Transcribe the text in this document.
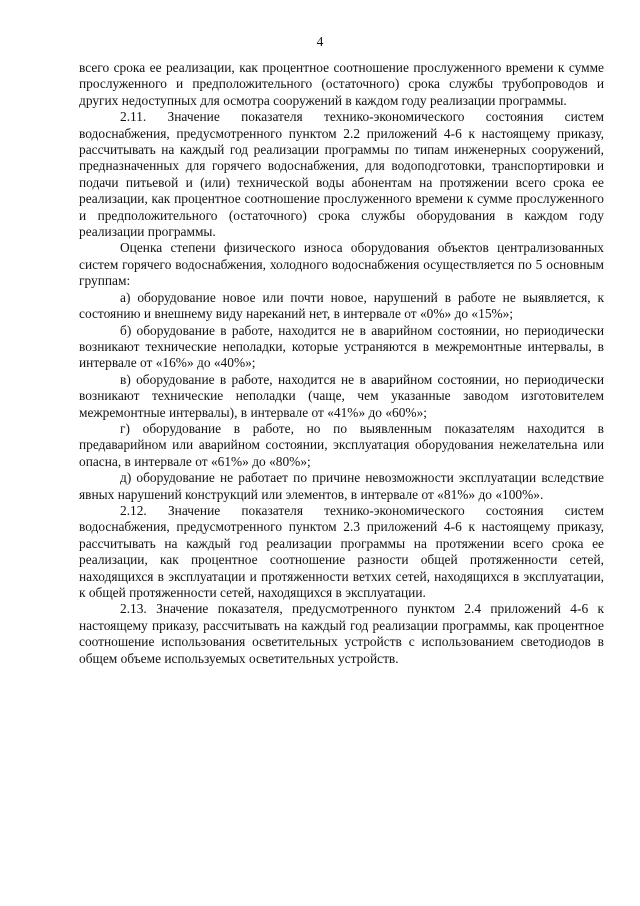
4

всего срока ее реализации, как процентное соотношение прослуженного времени к сумме прослуженного и предположительного (остаточного) срока службы трубопроводов и других недоступных для осмотра сооружений в каждом году реализации программы.

2.11. Значение показателя технико-экономического состояния систем водоснабжения, предусмотренного пунктом 2.2 приложений 4-6 к настоящему приказу, рассчитывать на каждый год реализации программы по типам инженерных сооружений, предназначенных для горячего водоснабжения, для водоподготовки, транспортировки и подачи питьевой и (или) технической воды абонентам на протяжении всего срока ее реализации, как процентное соотношение прослуженного времени к сумме прослуженного и предположительного (остаточного) срока службы оборудования в каждом году реализации программы.

Оценка степени физического износа оборудования объектов централизованных систем горячего водоснабжения, холодного водоснабжения осуществляется по 5 основным группам:

а) оборудование новое или почти новое, нарушений в работе не выявляется, к состоянию и внешнему виду нареканий нет, в интервале от «0%» до «15%»;

б) оборудование в работе, находится не в аварийном состоянии, но периодически возникают технические неполадки, которые устраняются в межремонтные интервалы, в интервале от «16%» до «40%»;

в) оборудование в работе, находится не в аварийном состоянии, но периодически возникают технические неполадки (чаще, чем указанные заводом изготовителем межремонтные интервалы), в интервале от «41%» до «60%»;

г) оборудование в работе, но по выявленным показателям находится в предаварийном или аварийном состоянии, эксплуатация оборудования нежелательна или опасна, в интервале от «61%» до «80%»;

д) оборудование не работает по причине невозможности эксплуатации вследствие явных нарушений конструкций или элементов, в интервале от «81%» до «100%».

2.12. Значение показателя технико-экономического состояния систем водоснабжения, предусмотренного пунктом 2.3 приложений 4-6 к настоящему приказу, рассчитывать на каждый год реализации программы на протяжении всего срока ее реализации, как процентное соотношение разности общей протяженности сетей, находящихся в эксплуатации и протяженности ветхих сетей, находящихся в эксплуатации, к общей протяженности сетей, находящихся в эксплуатации.

2.13. Значение показателя, предусмотренного пунктом 2.4 приложений 4-6 к настоящему приказу, рассчитывать на каждый год реализации программы, как процентное соотношение использования осветительных устройств с использованием светодиодов в общем объеме используемых осветительных устройств.
